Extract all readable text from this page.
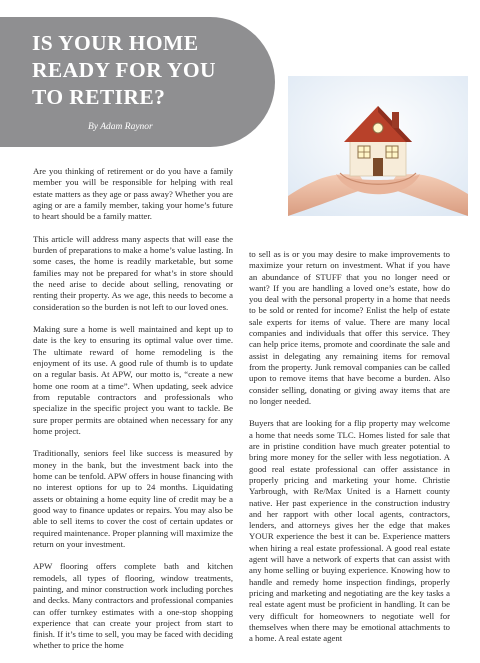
IS YOUR HOME
READY FOR YOU
TO RETIRE?
By Adam Raynor

Are you thinking of retirement or do you have a family member you will be responsible for helping with real estate matters as they age or pass away? Whether you are aging or are a family member, taking your home’s future to heart should be a family matter.

This article will address many aspects that will ease the burden of preparations to make a home’s value lasting. In some cases, the home is readily marketable, but some families may not be prepared for what’s in store should the need arise to decide about selling, renovating or renting their property. As we age, this needs to become a consideration so the burden is not left to our loved ones.

Making sure a home is well maintained and kept up to date is the key to ensuring its optimal value over time. The ultimate reward of home remodeling is the enjoyment of its use. A good rule of thumb is to update on a regular basis. At APW, our motto is, “create a new home one room at a time”. When updating, seek advice from reputable contractors and professionals who specialize in the specific project you want to tackle. Be sure proper permits are obtained when necessary for any home project.

Traditionally, seniors feel like success is measured by money in the bank, but the investment back into the home can be tenfold. APW offers in house financing with no interest options for up to 24 months. Liquidating assets or obtaining a home equity line of credit may be a good way to finance updates or repairs. You may also be able to sell items to cover the cost of certain updates or required maintenance. Proper planning will maximize the return on your investment.

APW flooring offers complete bath and kitchen remodels, all types of flooring, window treatments, painting, and minor construction work including porches and decks. Many contractors and professional companies can offer turnkey estimates with a one-stop shopping experience that can create your project from start to finish. If it’s time to sell, you may be faced with deciding whether to price the home

to sell as is or you may desire to make improvements to maximize your return on investment. What if you have an abundance of STUFF that you no longer need or want? If you are handling a loved one’s estate, how do you deal with the personal property in a home that needs to be sold or rented for income? Enlist the help of estate sale experts for items of value. There are many local companies and individuals that offer this service. They can help price items, promote and coordinate the sale and assist in delegating any remaining items for removal from the property. Junk removal companies can be called upon to remove items that have become a burden. Also consider selling, donating or giving away items that are no longer needed.

Buyers that are looking for a flip property may welcome a home that needs some TLC. Homes listed for sale that are in pristine condition have much greater potential to bring more money for the seller with less negotiation. A good real estate professional can offer assistance in properly pricing and marketing your home. Christie Yarbrough, with Re/Max United is a Harnett county native. Her past experience in the construction industry and her rapport with other local agents, contractors, lenders, and attorneys gives her the edge that makes YOUR experience the best it can be. Experience matters when hiring a real estate professional. A good real estate agent will have a network of experts that can assist with any home selling or buying experience. Knowing how to handle and remedy home inspection findings, properly pricing and marketing and negotiating are the key tasks a real estate agent must be proficient in handling. It can be very difficult for homeowners to negotiate well for themselves when there may be emotional attachments to a home. A real estate agent
